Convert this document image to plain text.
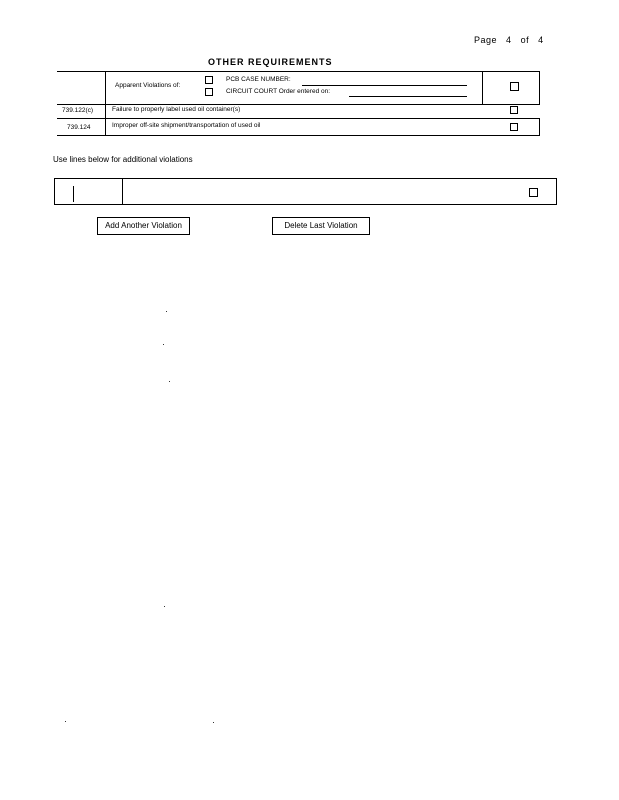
Page 4 of 4
OTHER REQUIREMENTS
Apparent Violations of:
PCB CASE NUMBER:
CIRCUIT COURT Order entered on:
739.122(c)	Failure to properly label used oil container(s)
739.124	Improper off-site shipment/transportation of used oil
Use lines below for additional violations
Add Another Violation	Delete Last Violation
